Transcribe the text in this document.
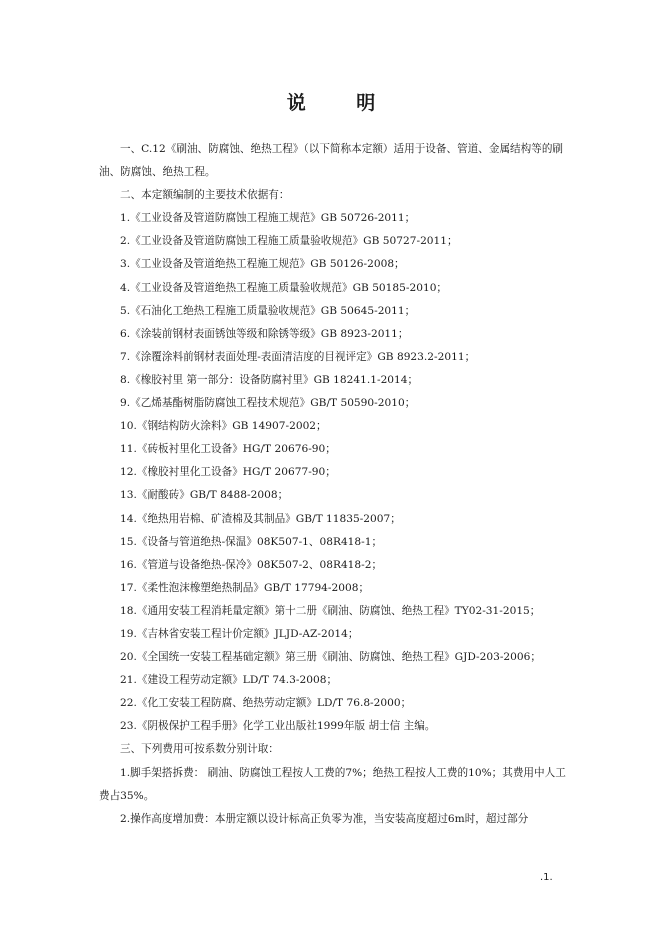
说 明

一、C.12《刷油、防腐蚀、绝热工程》（以下简称本定额）适用于设备、管道、金属结构等的刷油、防腐蚀、绝热工程。

二、本定额编制的主要技术依据有：

1.《工业设备及管道防腐蚀工程施工规范》GB 50726-2011；

2.《工业设备及管道防腐蚀工程施工质量验收规范》GB 50727-2011；

3.《工业设备及管道绝热工程施工规范》GB 50126-2008；

4.《工业设备及管道绝热工程施工质量验收规范》GB 50185-2010；

5.《石油化工绝热工程施工质量验收规范》GB 50645-2011；

6.《涂装前钢材表面锈蚀等级和除锈等级》GB 8923-2011；

7.《涂覆涂料前钢材表面处理-表面清洁度的目视评定》GB 8923.2-2011；

8.《橡胶衬里 第一部分：设备防腐衬里》GB 18241.1-2014；

9.《乙烯基酯树脂防腐蚀工程技术规范》GB/T 50590-2010；

10.《钢结构防火涂料》GB 14907-2002；

11.《砖板衬里化工设备》HG/T 20676-90；

12.《橡胶衬里化工设备》HG/T 20677-90；

13.《耐酸砖》GB/T 8488-2008；

14.《绝热用岩棉、矿渣棉及其制品》GB/T 11835-2007；

15.《设备与管道绝热-保温》08K507-1、08R418-1；

16.《管道与设备绝热-保冷》08K507-2、08R418-2；

17.《柔性泡沫橡塑绝热制品》GB/T 17794-2008；

18.《通用安装工程消耗量定额》第十二册《刷油、防腐蚀、绝热工程》TY02-31-2015；

19.《吉林省安装工程计价定额》JLJD-AZ-2014；

20.《全国统一安装工程基础定额》第三册《刷油、防腐蚀、绝热工程》GJD-203-2006；

21.《建设工程劳动定额》LD/T 74.3-2008；

22.《化工安装工程防腐、绝热劳动定额》LD/T 76.8-2000；

23.《阴极保护工程手册》化学工业出版社1999年版 胡士信 主编。

三、下列费用可按系数分别计取：

1.脚手架搭拆费： 刷油、防腐蚀工程按人工费的7%；绝热工程按人工费的10%；其费用中人工费占35%。

2.操作高度增加费：本册定额以设计标高正负零为准，当安装高度超过6m时，超过部分

.1.
